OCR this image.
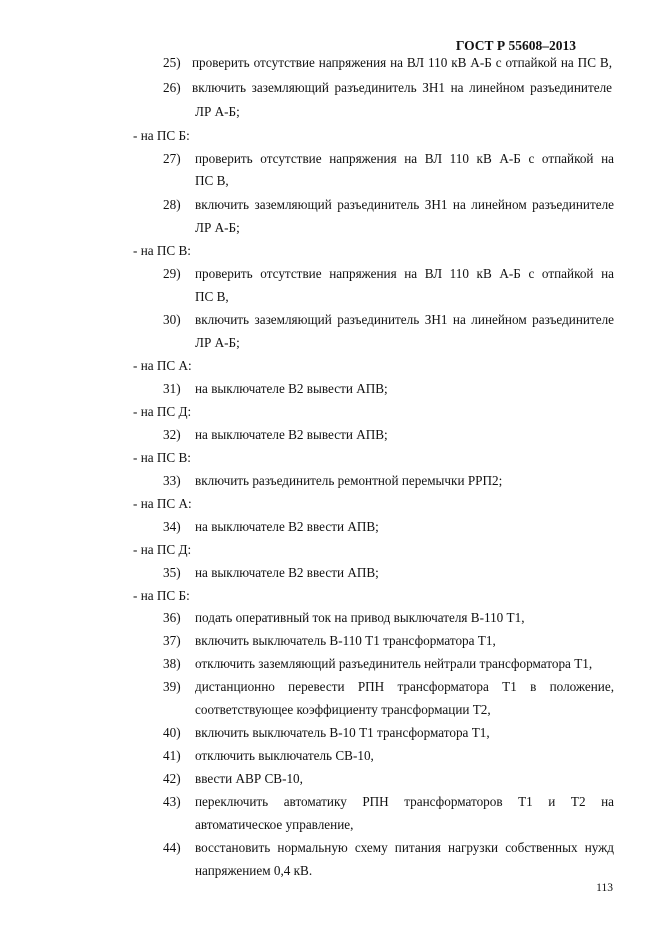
ГОСТ Р 55608–2013
25) проверить отсутствие напряжения на ВЛ 110 кВ А-Б с отпайкой на ПС В,
26) включить заземляющий разъединитель ЗН1 на линейном разъединителе
ЛР А-Б;
- на ПС Б:
27) проверить отсутствие напряжения на ВЛ 110 кВ А-Б с отпайкой на
ПС В,
28) включить заземляющий разъединитель ЗН1 на линейном разъединителе
ЛР А-Б;
- на ПС В:
29) проверить отсутствие напряжения на ВЛ 110 кВ А-Б с отпайкой на
ПС В,
30) включить заземляющий разъединитель ЗН1 на линейном разъединителе
ЛР А-Б;
- на ПС А:
31) на выключателе В2 вывести АПВ;
- на ПС Д:
32) на выключателе В2 вывести АПВ;
- на ПС В:
33) включить разъединитель ремонтной перемычки РРП2;
- на ПС А:
34) на выключателе В2 ввести АПВ;
- на ПС Д:
35) на выключателе В2 ввести АПВ;
- на ПС Б:
36) подать оперативный ток на привод выключателя В-110 Т1,
37) включить выключатель В-110 Т1 трансформатора Т1,
38) отключить заземляющий разъединитель нейтрали трансформатора Т1,
39) дистанционно перевести РПН трансформатора Т1 в положение,
соответствующее коэффициенту трансформации Т2,
40) включить выключатель В-10 Т1 трансформатора Т1,
41) отключить выключатель СВ-10,
42) ввести АВР СВ-10,
43) переключить автоматику РПН трансформаторов Т1 и Т2 на
автоматическое управление,
44) восстановить нормальную схему питания нагрузки собственных нужд
напряжением 0,4 кВ.
113
